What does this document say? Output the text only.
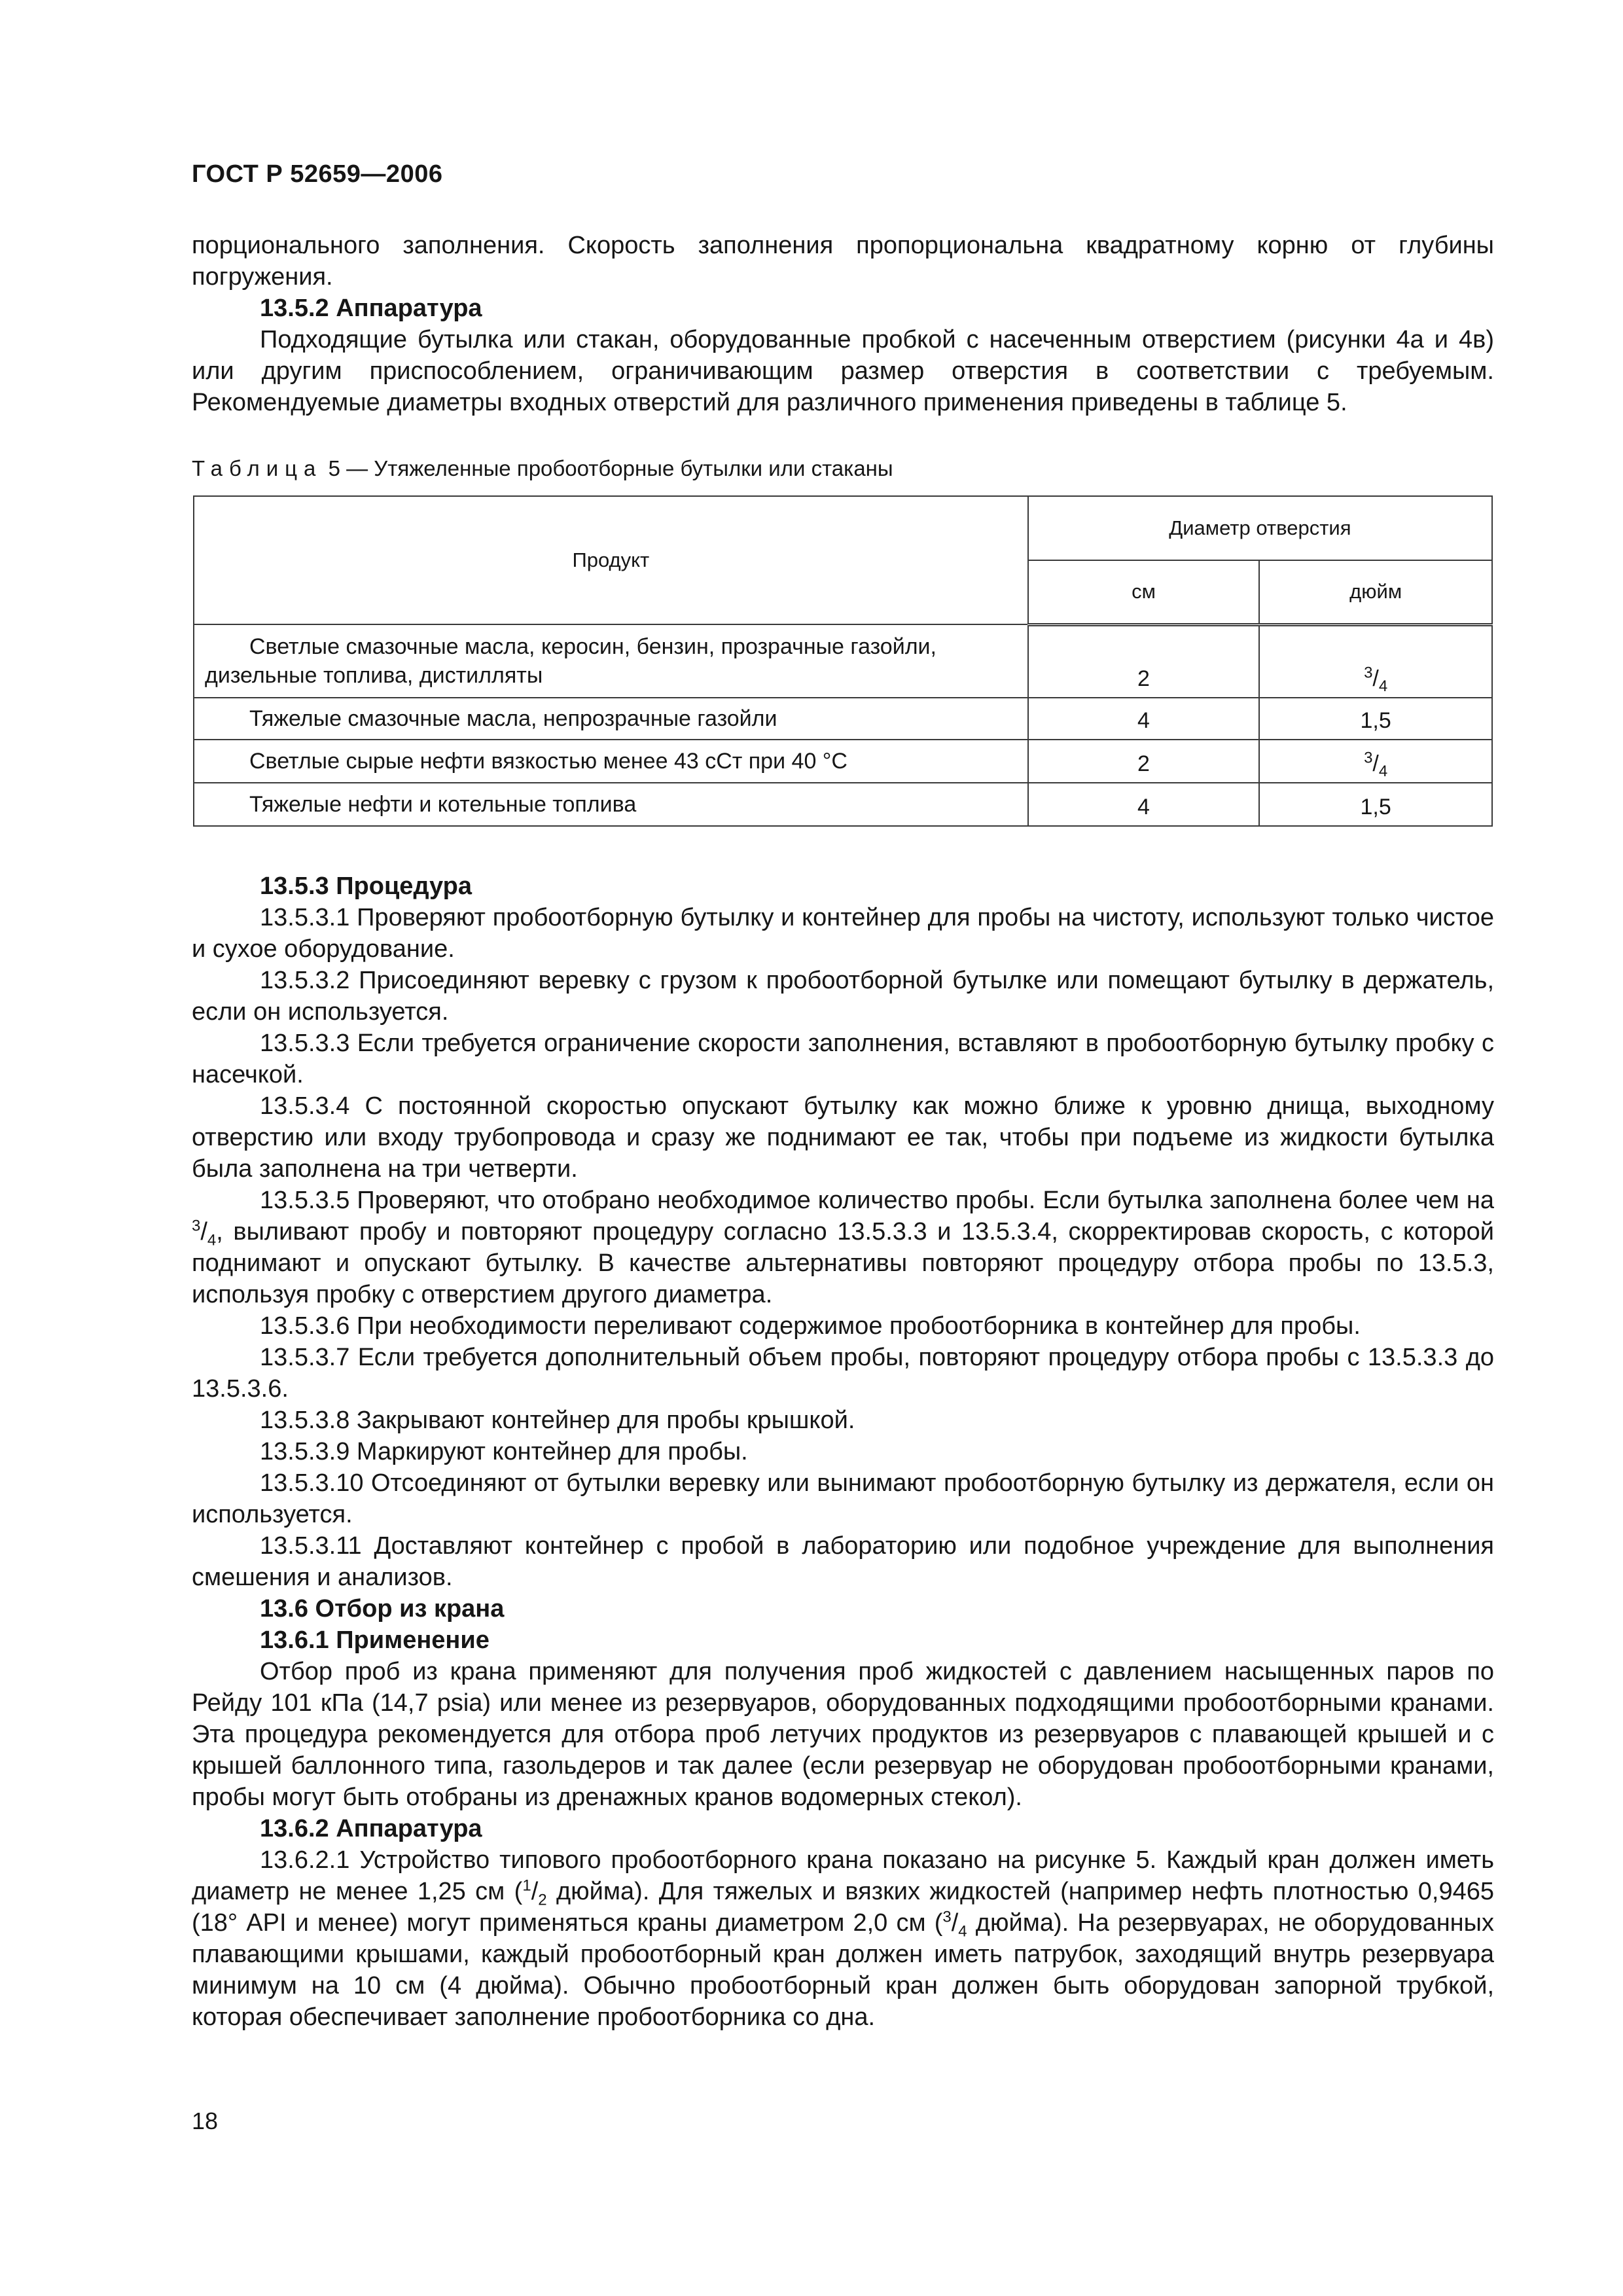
ГОСТ Р 52659—2006

порционального заполнения. Скорость заполнения пропорциональна квадратному корню от глубины погружения.

13.5.2 Аппаратура

Подходящие бутылка или стакан, оборудованные пробкой с насеченным отверстием (рисунки 4а и 4в) или другим приспособлением, ограничивающим размер отверстия в соответствии с требуемым. Рекомендуемые диаметры входных отверстий для различного применения приведены в таблице 5.

Таблица 5 — Утяжеленные пробоотборные бутылки или стаканы
Продукт	Диаметр отверстия	
	см	дюйм
Светлые смазочные масла, керосин, бензин, прозрачные газойли,
дизельные топлива, дистилляты	2	$^3/_4$
Тяжелые смазочные масла, непрозрачные газойли	4	1,5
Светлые сырые нефти вязкостью менее 43 сСт при 40 °С	2	$^3/_4$
Тяжелые нефти и котельные топлива	4	1,5

13.5.3 Процедура

13.5.3.1 Проверяют пробоотборную бутылку и контейнер для пробы на чистоту, используют только чистое и сухое оборудование.

13.5.3.2 Присоединяют веревку с грузом к пробоотборной бутылке или помещают бутылку в держатель, если он используется.

13.5.3.3 Если требуется ограничение скорости заполнения, вставляют в пробоотборную бутылку пробку с насечкой.

13.5.3.4 С постоянной скоростью опускают бутылку как можно ближе к уровню днища, выходному отверстию или входу трубопровода и сразу же поднимают ее так, чтобы при подъеме из жидкости бутылка была заполнена на три четверти.

13.5.3.5 Проверяют, что отобрано необходимое количество пробы. Если бутылка заполнена более чем на $^3/_4$, выливают пробу и повторяют процедуру согласно 13.5.3.3 и 13.5.3.4, скорректировав скорость, с которой поднимают и опускают бутылку. В качестве альтернативы повторяют процедуру отбора пробы по 13.5.3, используя пробку с отверстием другого диаметра.

13.5.3.6 При необходимости переливают содержимое пробоотборника в контейнер для пробы.

13.5.3.7 Если требуется дополнительный объем пробы, повторяют процедуру отбора пробы с 13.5.3.3 до 13.5.3.6.

13.5.3.8 Закрывают контейнер для пробы крышкой.

13.5.3.9 Маркируют контейнер для пробы.

13.5.3.10 Отсоединяют от бутылки веревку или вынимают пробоотборную бутылку из держателя, если он используется.

13.5.3.11 Доставляют контейнер с пробой в лабораторию или подобное учреждение для выполнения смешения и анализов.

13.6 Отбор из крана

13.6.1 Применение

Отбор проб из крана применяют для получения проб жидкостей с давлением насыщенных паров по Рейду 101 кПа (14,7 psia) или менее из резервуаров, оборудованных подходящими пробоотборными кранами. Эта процедура рекомендуется для отбора проб летучих продуктов из резервуаров с плавающей крышей и с крышей баллонного типа, газольдеров и так далее (если резервуар не оборудован пробоотборными кранами, пробы могут быть отобраны из дренажных кранов водомерных стекол).

13.6.2 Аппаратура

13.6.2.1 Устройство типового пробоотборного крана показано на рисунке 5. Каждый кран должен иметь диаметр не менее 1,25 см ($^1/_2$ дюйма). Для тяжелых и вязких жидкостей (например нефть плотностью 0,9465 (18° API и менее) могут применяться краны диаметром 2,0 см ($^3/_4$ дюйма). На резервуарах, не оборудованных плавающими крышами, каждый пробоотборный кран должен иметь патрубок, заходящий внутрь резервуара минимум на 10 см (4 дюйма). Обычно пробоотборный кран должен быть оборудован запорной трубкой, которая обеспечивает заполнение пробоотборника со дна.

18
